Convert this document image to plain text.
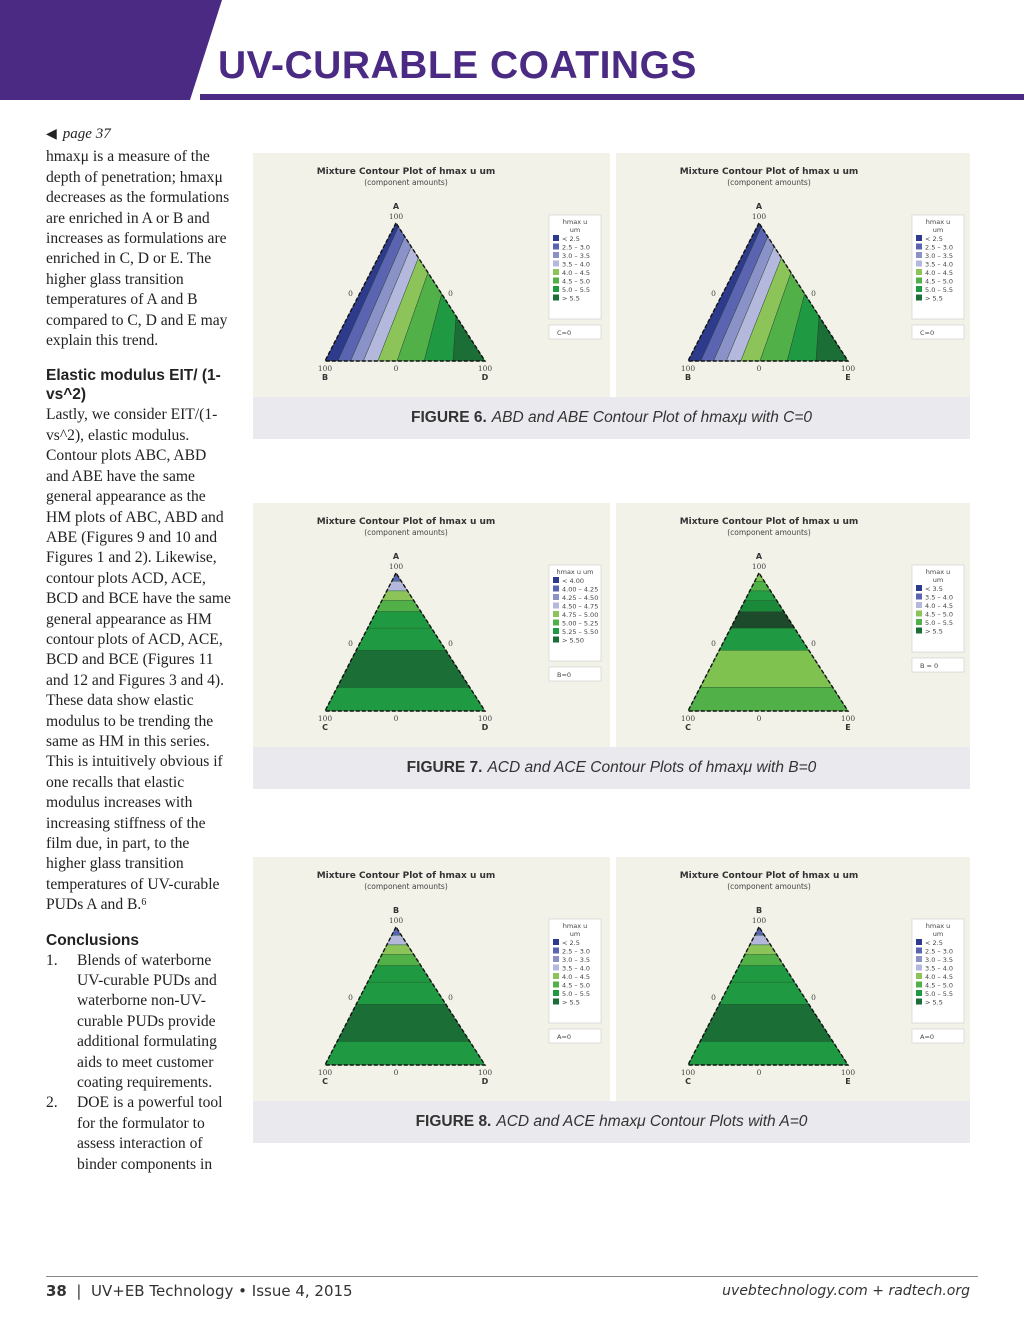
UV-CURABLE COATINGS
◀ page 37

hmaxμ is a measure of the depth of penetration; hmaxμ decreases as the formulations are enriched in A or B and increases as formulations are enriched in C, D or E. The higher glass transition temperatures of A and B compared to C, D and E may explain this trend.

Elastic modulus EIT/ (1-vs^2)

Lastly, we consider EIT/(1-vs^2), elastic modulus. Contour plots ABC, ABD and ABE have the same general appearance as the HM plots of ABC, ABD and ABE (Figures 9 and 10 and Figures 1 and 2). Likewise, contour plots ACD, ACE, BCD and BCE have the same general appearance as HM contour plots of ACD, ACE, BCD and BCE (Figures 11 and 12 and Figures 3 and 4). These data show elastic modulus to be trending the same as HM in this series. This is intuitively obvious if one recalls that elastic modulus increases with increasing stiffness of the film due, in part, to the higher glass transition temperatures of UV-curable PUDs A and B.$^6$

Conclusions
1. Blends of waterborne UV-curable PUDs and waterborne non-UV-curable PUDs provide additional formulating aids to meet customer coating requirements.
2. DOE is a powerful tool for the formulator to assess interaction of binder components in
Mixture Contour Plot of hmax u um
(component amounts)
A
100
100
B
100
D
0
0	0
hmax u
um
< 2.5
2.5 – 3.0
3.0 – 3.5
3.5 – 4.0
4.0 – 4.5
4.5 – 5.0
5.0 – 5.5
> 5.5
C=0
Mixture Contour Plot of hmax u um
(component amounts)
A
100
100
B
100
E
0
0	0
hmax u
um
< 2.5
2.5 – 3.0
3.0 – 3.5
3.5 – 4.0
4.0 – 4.5
4.5 – 5.0
5.0 – 5.5
> 5.5
C=0
FIGURE 6. ABD and ABE Contour Plot of hmaxμ with C=0
Mixture Contour Plot of hmax u um
(component amounts)
A
100
100
C
100
D
0
0	0
hmax u um
< 4.00
4.00 – 4.25
4.25 – 4.50
4.50 – 4.75
4.75 – 5.00
5.00 – 5.25
5.25 – 5.50
> 5.50
B=0
Mixture Contour Plot of hmax u um
(component amounts)
A
100
100
C
100
E
0
0	0
hmax u
um
< 3.5
3.5 – 4.0
4.0 – 4.5
4.5 – 5.0
5.0 – 5.5
> 5.5
B = 0
FIGURE 7. ACD and ACE Contour Plots of hmaxμ with B=0
Mixture Contour Plot of hmax u um
(component amounts)
B
100
100
C
100
D
0
0	0
hmax u
um
< 2.5
2.5 – 3.0
3.0 – 3.5
3.5 – 4.0
4.0 – 4.5
4.5 – 5.0
5.0 – 5.5
> 5.5
A=0
Mixture Contour Plot of hmax u um
(component amounts)
B
100
100
C
100
E
0
0	0
hmax u
um
< 2.5
2.5 – 3.0
3.0 – 3.5
3.5 – 4.0
4.0 – 4.5
4.5 – 5.0
5.0 – 5.5
> 5.5
A=0
FIGURE 8. ACD and ACE hmaxμ Contour Plots with A=0
38  |  UV+EB Technology • Issue 4, 2015	uvebtechnology.com + radtech.org
